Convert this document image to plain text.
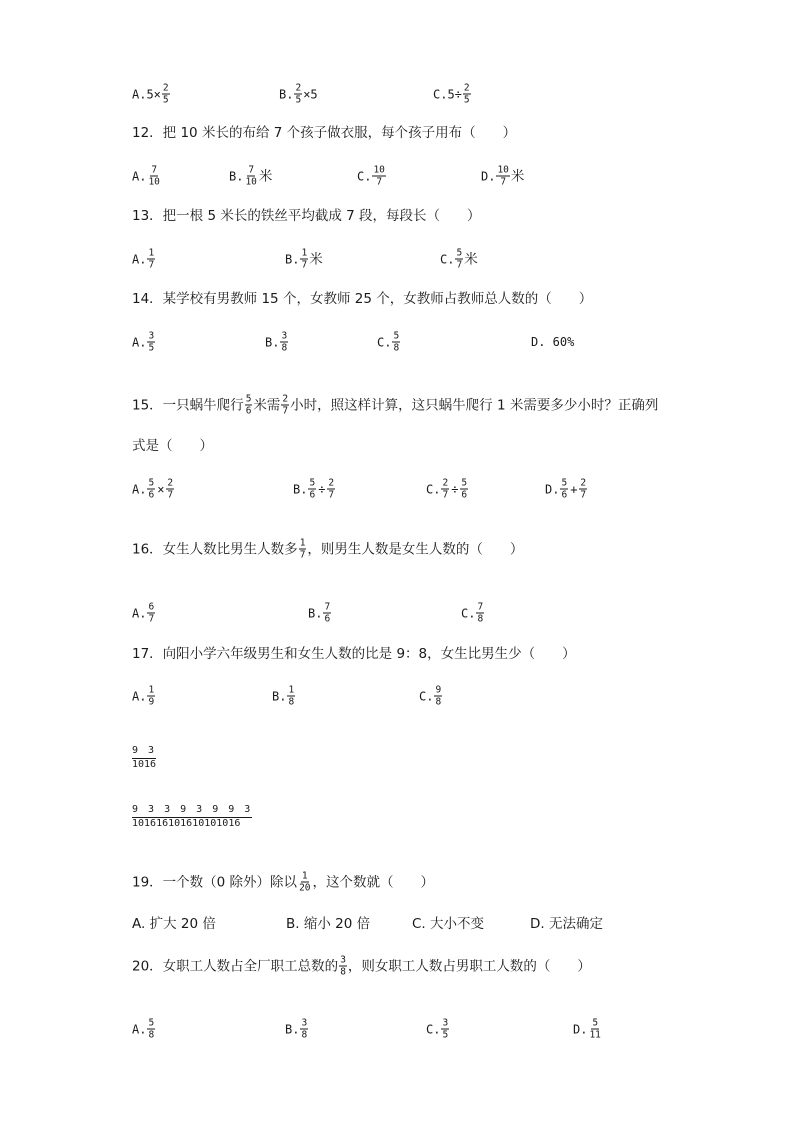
$A.5\times \frac{2}{5}$	B. $\frac{2}{5} \times 5$	$C.5\div \frac{2}{5}$
12．把 10 米长的布给 7 个孩子做衣服，每个孩子用布（　　）
A. $\frac{7}{10}$	B. $\frac{7}{10}$ 米	C. $\frac{10}{7}$	D. $\frac{10}{7}$ 米
13．把一根 5 米长的铁丝平均截成 7 段，每段长（　　）
A. $\frac{1}{7}$	B. $\frac{1}{7}$ 米	C. $\frac{5}{7}$ 米
14．某学校有男教师 15 个，女教师 25 个，女教师占教师总人数的（　　）
A. $\frac{3}{5}$	B. $\frac{3}{8}$	C. $\frac{5}{8}$	D. 60%
15．一只蜗牛爬行 $\frac{5}{6}$ 米需 $\frac{2}{7}$ 小时，照这样计算，这只蜗牛爬行 1 米需要多少小时？正确列
式是（　　）
A. $\frac{5}{6} \times \frac{2}{7}$	B. $\frac{5}{6} \div \frac{2}{7}$	C. $\frac{2}{7} \div \frac{5}{6}$	D. $\frac{5}{6} + \frac{2}{7}$
16．女生人数比男生人数多 $\frac{1}{7}$ ，则男生人数是女生人数的（　　）
A. $\frac{6}{7}$	B. $\frac{7}{6}$	C. $\frac{7}{8}$
17．向阳小学六年级男生和女生人数的比是 9：8，女生比男生少（　　）
A. $\frac{1}{9}$	B. $\frac{1}{8}$	C. $\frac{9}{8}$
9 3
1016
9 3 3 9 3 9 9 3
101616101610101016
19．一个数（0 除外）除以 $\frac{1}{20}$ ，这个数就（　　）
A. 扩大 20 倍	B. 缩小 20 倍	C. 大小不变	D. 无法确定
20．女职工人数占全厂职工总数的 $\frac{3}{8}$ ，则女职工人数占男职工人数的（　　）
A. $\frac{5}{8}$	B. $\frac{3}{8}$	C. $\frac{3}{5}$	D. $\frac{5}{11}$
